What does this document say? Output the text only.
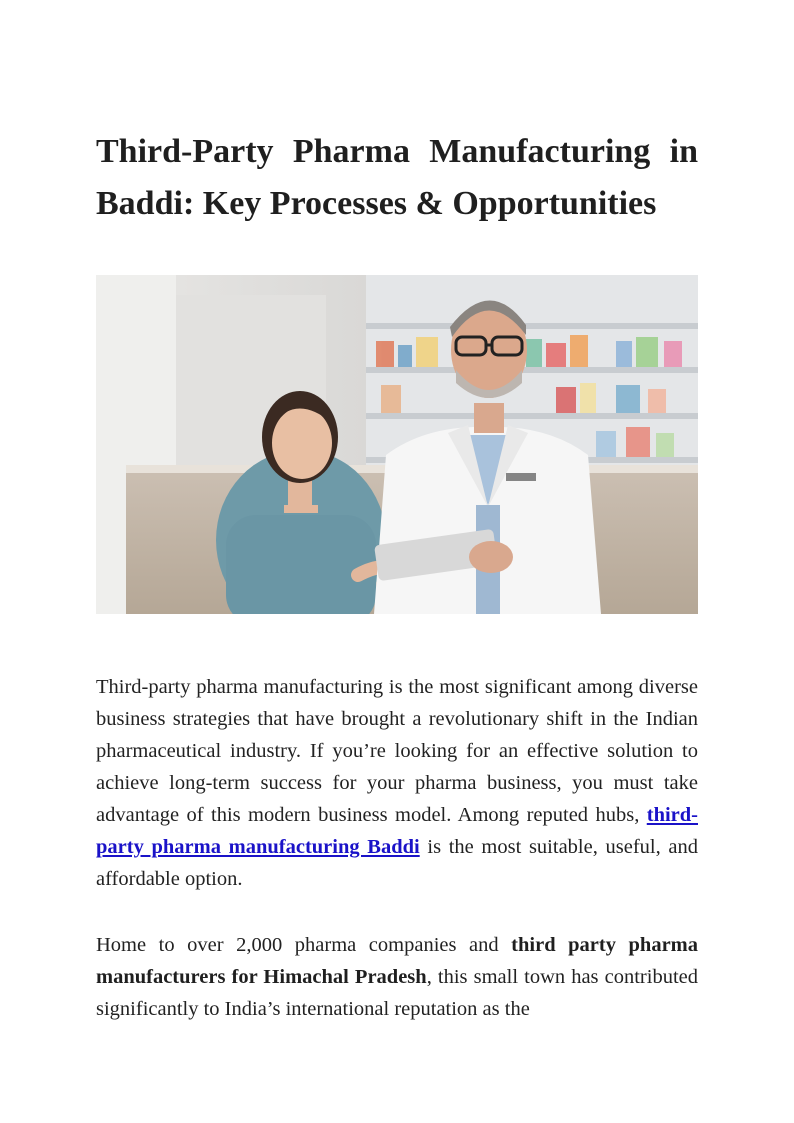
Third-Party Pharma Manufacturing in Baddi: Key Processes & Opportunities

Third-party pharma manufacturing is the most significant among diverse business strategies that have brought a revolutionary shift in the Indian pharmaceutical industry. If you’re looking for an effective solution to achieve long-term success for your pharma business, you must take advantage of this modern business model. Among reputed hubs, third-party pharma manufacturing Baddi is the most suitable, useful, and affordable option.

Home to over 2,000 pharma companies and third party pharma manufacturers for Himachal Pradesh, this small town has contributed significantly to India’s international reputation as the
